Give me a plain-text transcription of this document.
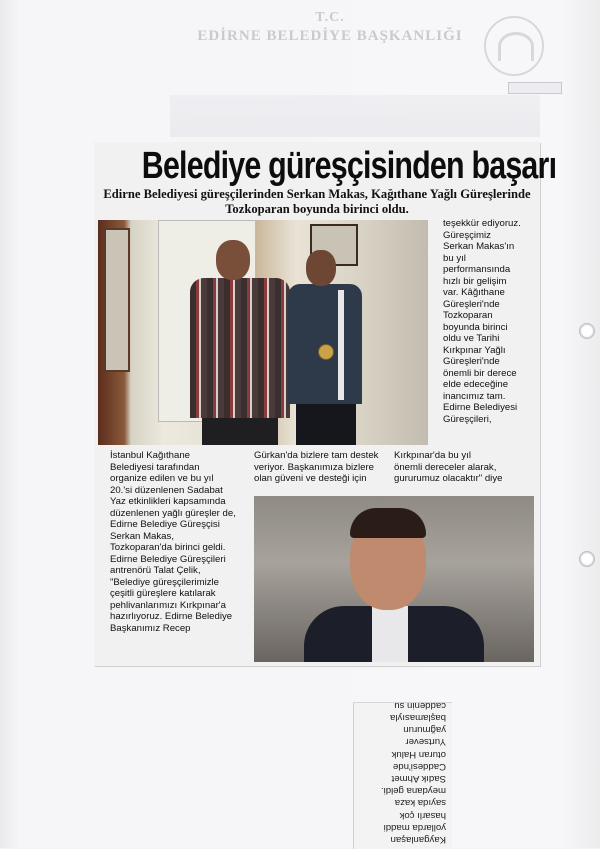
T.C.
EDİRNE BELEDİYE BAŞKANLIĞI
Belediye güreşçisinden başarı
Edirne Belediyesi güreşçilerinden Serkan Makas, Kağıthane Yağlı Güreşlerinde Tozkoparan boyunda birinci oldu.

teşekkür ediyoruz.
Güreşçimiz
Serkan Makas'ın
bu yıl
performansında
hızlı bir gelişim
var. Kâğıthane
Güreşleri'nde
Tozkoparan
boyunda birinci
oldu ve Tarihi
Kırkpınar Yağlı
Güreşleri'nde
önemli bir derece
elde edeceğine
inancımız tam.
Edirne Belediyesi
Güreşçileri,

İstanbul Kağıthane
Belediyesi tarafından
organize edilen ve bu yıl
20.'si düzenlenen Sadabat
Yaz etkinlikleri kapsamında
düzenlenen yağlı güreşler de,
Edirne Belediye Güreşçisi
Serkan Makas,
Tozkoparan'da birinci geldi.
Edirne Belediye Güreşçileri
antrenörü Talat Çelik,
"Belediye güreşçilerimizle
çeşitli güreşlere katılarak
pehlivanlarımızı Kırkpınar'a
hazırlıyoruz. Edirne Belediye
Başkanımız Recep

Gürkan'da bizlere tam destek
veriyor. Başkanımıza bizlere
olan güveni ve desteği için

Kırkpınar'da bu yıl
önemli dereceler alarak,
gururumuz olacaktır" diye

Kayganlaşan
yollarda maddi
hasarlı çok
sayıda kaza
meydana geldi.
Sadık Ahmet
Caddesi'nde
oturan Haluk
Yurtsever
yağmurun
başlamasıyla
caddenin su
